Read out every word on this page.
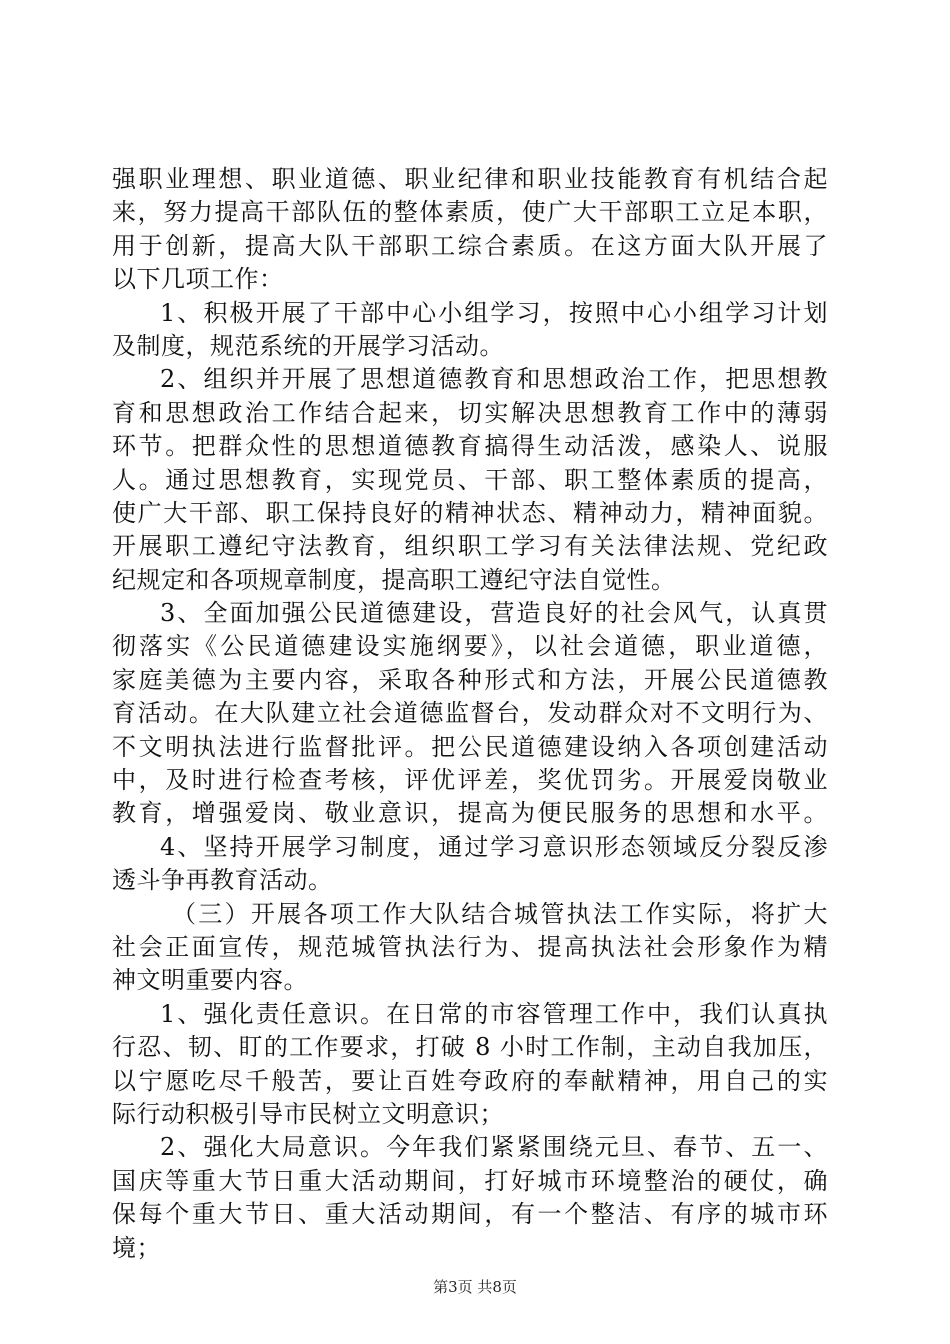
强职业理想、职业道德、职业纪律和职业技能教育有机结合起
来，努力提高干部队伍的整体素质，使广大干部职工立足本职，
用于创新，提高大队干部职工综合素质。在这方面大队开展了
以下几项工作：
1、积极开展了干部中心小组学习，按照中心小组学习计划
及制度，规范系统的开展学习活动。
2、组织并开展了思想道德教育和思想政治工作，把思想教
育和思想政治工作结合起来，切实解决思想教育工作中的薄弱
环节。把群众性的思想道德教育搞得生动活泼，感染人、说服
人。通过思想教育，实现党员、干部、职工整体素质的提高，
使广大干部、职工保持良好的精神状态、精神动力，精神面貌。
开展职工遵纪守法教育，组织职工学习有关法律法规、党纪政
纪规定和各项规章制度，提高职工遵纪守法自觉性。
3、全面加强公民道德建设，营造良好的社会风气，认真贯
彻落实《公民道德建设实施纲要》，以社会道德，职业道德，
家庭美德为主要内容，采取各种形式和方法，开展公民道德教
育活动。在大队建立社会道德监督台，发动群众对不文明行为、
不文明执法进行监督批评。把公民道德建设纳入各项创建活动
中，及时进行检查考核，评优评差，奖优罚劣。开展爱岗敬业
教育，增强爱岗、敬业意识，提高为便民服务的思想和水平。
4、坚持开展学习制度，通过学习意识形态领域反分裂反渗
透斗争再教育活动。
（三）开展各项工作大队结合城管执法工作实际，将扩大
社会正面宣传，规范城管执法行为、提高执法社会形象作为精
神文明重要内容。
1、强化责任意识。在日常的市容管理工作中，我们认真执
行忍、韧、盯的工作要求，打破 8 小时工作制，主动自我加压，
以宁愿吃尽千般苦，要让百姓夸政府的奉献精神，用自己的实
际行动积极引导市民树立文明意识；
2、强化大局意识。今年我们紧紧围绕元旦、春节、五一、
国庆等重大节日重大活动期间，打好城市环境整治的硬仗，确
保每个重大节日、重大活动期间，有一个整洁、有序的城市环
境；
第3页 共8页
